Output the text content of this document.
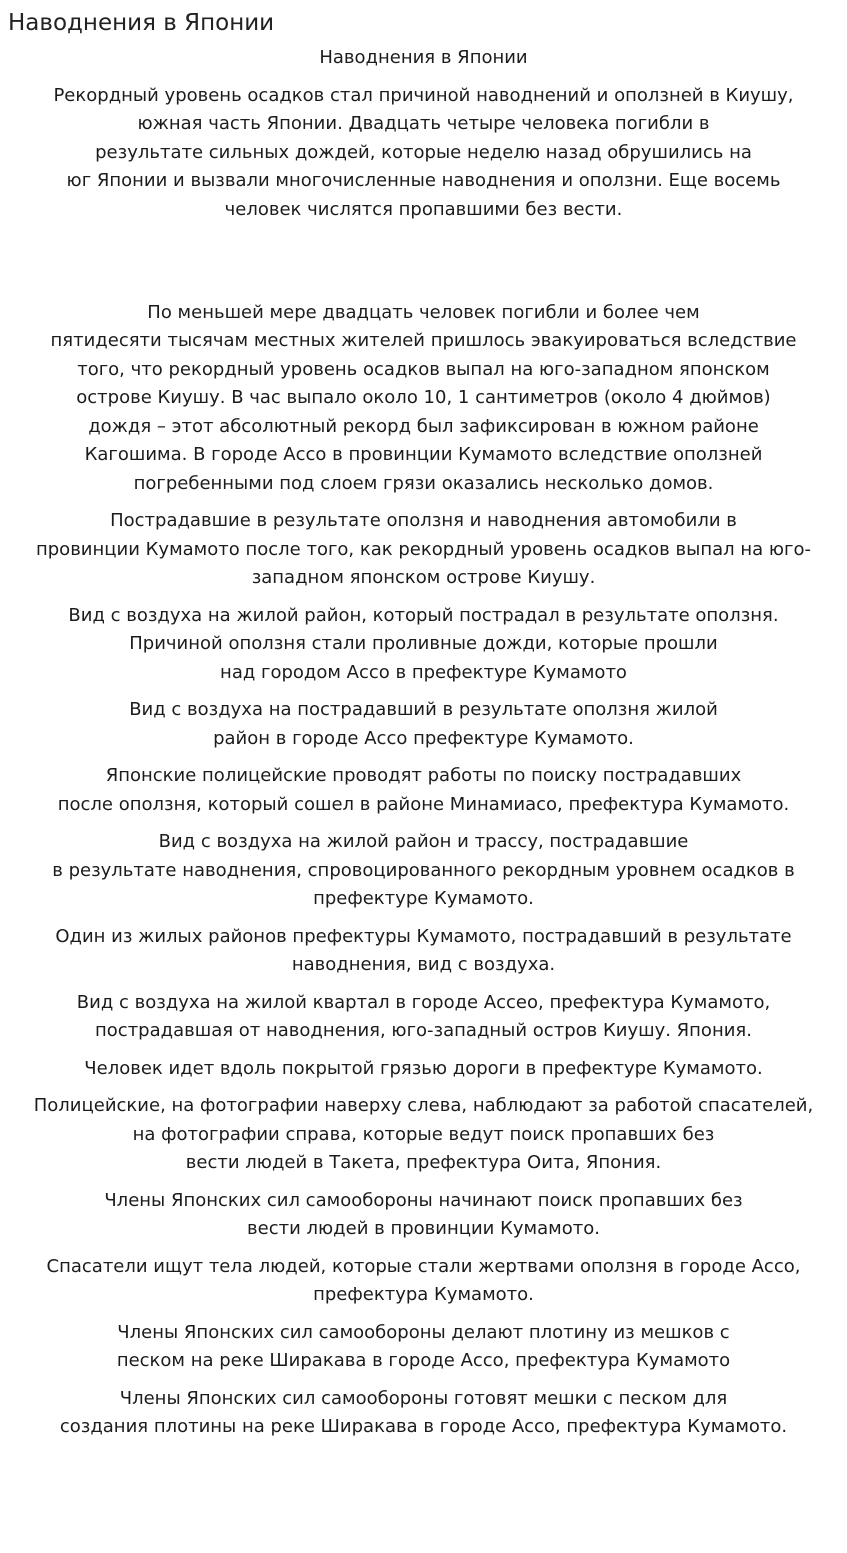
Наводнения в Японии

Наводнения в Японии

Рекордный уровень осадков стал причиной наводнений и оползней в Киушу,
южная часть Японии. Двадцать четыре человека погибли в
результате сильных дождей, которые неделю назад обрушились на
юг Японии и вызвали многочисленные наводнения и оползни. Еще восемь
человек числятся пропавшими без вести.

По меньшей мере двадцать человек погибли и более чем
пятидесяти тысячам местных жителей пришлось эвакуироваться вследствие
того, что рекордный уровень осадков выпал на юго-западном японском
острове Киушу. В час выпало около 10, 1 сантиметров (около 4 дюймов)
дождя – этот абсолютный рекорд был зафиксирован в южном районе
Кагошима. В городе Ассо в провинции Кумамото вследствие оползней
погребенными под слоем грязи оказались несколько домов.

Пострадавшие в результате оползня и наводнения автомобили в
провинции Кумамото после того, как рекордный уровень осадков выпал на юго-
западном японском острове Киушу.

Вид с воздуха на жилой район, который пострадал в результате оползня.
Причиной оползня стали проливные дожди, которые прошли
над городом Ассо в префектуре Кумамото

Вид с воздуха на пострадавший в результате оползня жилой
район в городе Ассо префектуре Кумамото.

Японские полицейские проводят работы по поиску пострадавших
после оползня, который сошел в районе Минамиасо, префектура Кумамото.

Вид с воздуха на жилой район и трассу, пострадавшие
в результате наводнения, спровоцированного рекордным уровнем осадков в
префектуре Кумамото.

Один из жилых районов префектуры Кумамото, пострадавший в результате
наводнения, вид с воздуха.

Вид с воздуха на жилой квартал в городе Ассео, префектура Кумамото,
пострадавшая от наводнения, юго-западный остров Киушу. Япония.

Человек идет вдоль покрытой грязью дороги в префектуре Кумамото.

Полицейские, на фотографии наверху слева, наблюдают за работой спасателей,
на фотографии справа, которые ведут поиск пропавших без
вести людей в Такета, префектура Оита, Япония.

Члены Японских сил самообороны начинают поиск пропавших без
вести людей в провинции Кумамото.

Спасатели ищут тела людей, которые стали жертвами оползня в городе Ассо,
префектура Кумамото.

Члены Японских сил самообороны делают плотину из мешков с
песком на реке Ширакава в городе Ассо, префектура Кумамото

Члены Японских сил самообороны готовят мешки с песком для
создания плотины на реке Ширакава в городе Ассо, префектура Кумамото.
